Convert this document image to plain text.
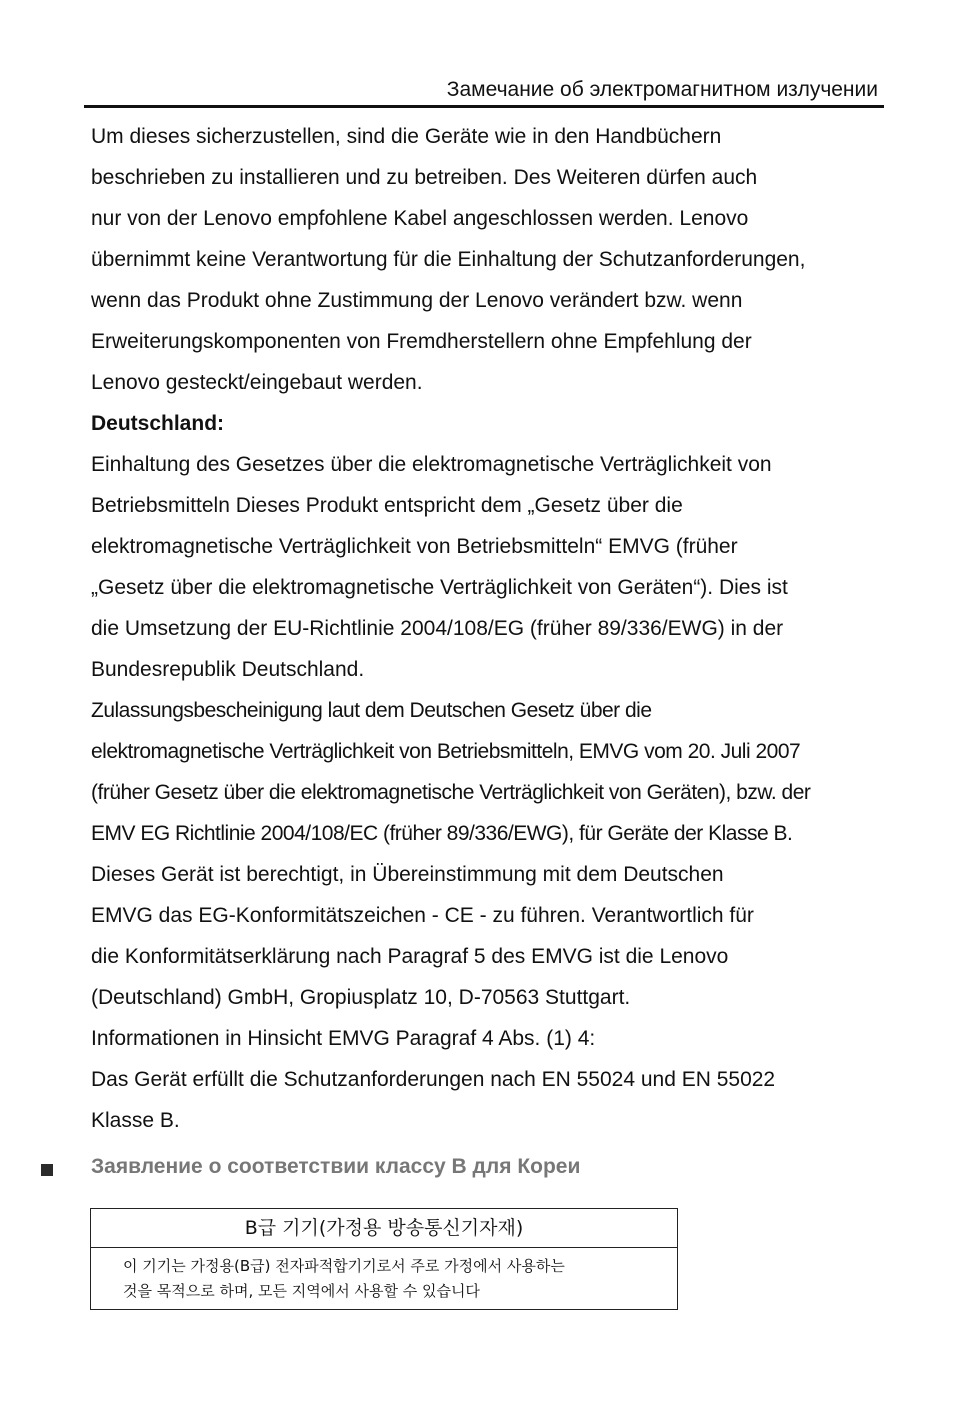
Замечание об электромагнитном излучении
Um dieses sicherzustellen, sind die Geräte wie in den Handbüchern
beschrieben zu installieren und zu betreiben. Des Weiteren dürfen auch
nur von der Lenovo empfohlene Kabel angeschlossen werden. Lenovo
übernimmt keine Verantwortung für die Einhaltung der Schutzanforderungen,
wenn das Produkt ohne Zustimmung der Lenovo verändert bzw. wenn
Erweiterungskomponenten von Fremdherstellern ohne Empfehlung der
Lenovo gesteckt/eingebaut werden.
Deutschland:
Einhaltung des Gesetzes über die elektromagnetische Verträglichkeit von
Betriebsmitteln Dieses Produkt entspricht dem „Gesetz über die
elektromagnetische Verträglichkeit von Betriebsmitteln“ EMVG (früher
„Gesetz über die elektromagnetische Verträglichkeit von Geräten“). Dies ist
die Umsetzung der EU-Richtlinie 2004/108/EG (früher 89/336/EWG) in der
Bundesrepublik Deutschland.
Zulassungsbescheinigung laut dem Deutschen Gesetz über die
elektromagnetische Verträglichkeit von Betriebsmitteln, EMVG vom 20. Juli 2007
(früher Gesetz über die elektromagnetische Verträglichkeit von Geräten), bzw. der
EMV EG Richtlinie 2004/108/EC (früher 89/336/EWG), für Geräte der Klasse B.
Dieses Gerät ist berechtigt, in Übereinstimmung mit dem Deutschen
EMVG das EG-Konformitätszeichen - CE - zu führen. Verantwortlich für
die Konformitätserklärung nach Paragraf 5 des EMVG ist die Lenovo
(Deutschland) GmbH, Gropiusplatz 10, D-70563 Stuttgart.
Informationen in Hinsicht EMVG Paragraf 4 Abs. (1) 4:
Das Gerät erfüllt die Schutzanforderungen nach EN 55024 und EN 55022
Klasse B.
Заявление о соответствии классу B для Кореи
B급 기기(가정용 방송통신기자재)
이 기기는 가정용(B급) 전자파적합기기로서 주로 가정에서 사용하는
것을 목적으로 하며, 모든 지역에서 사용할 수 있습니다
